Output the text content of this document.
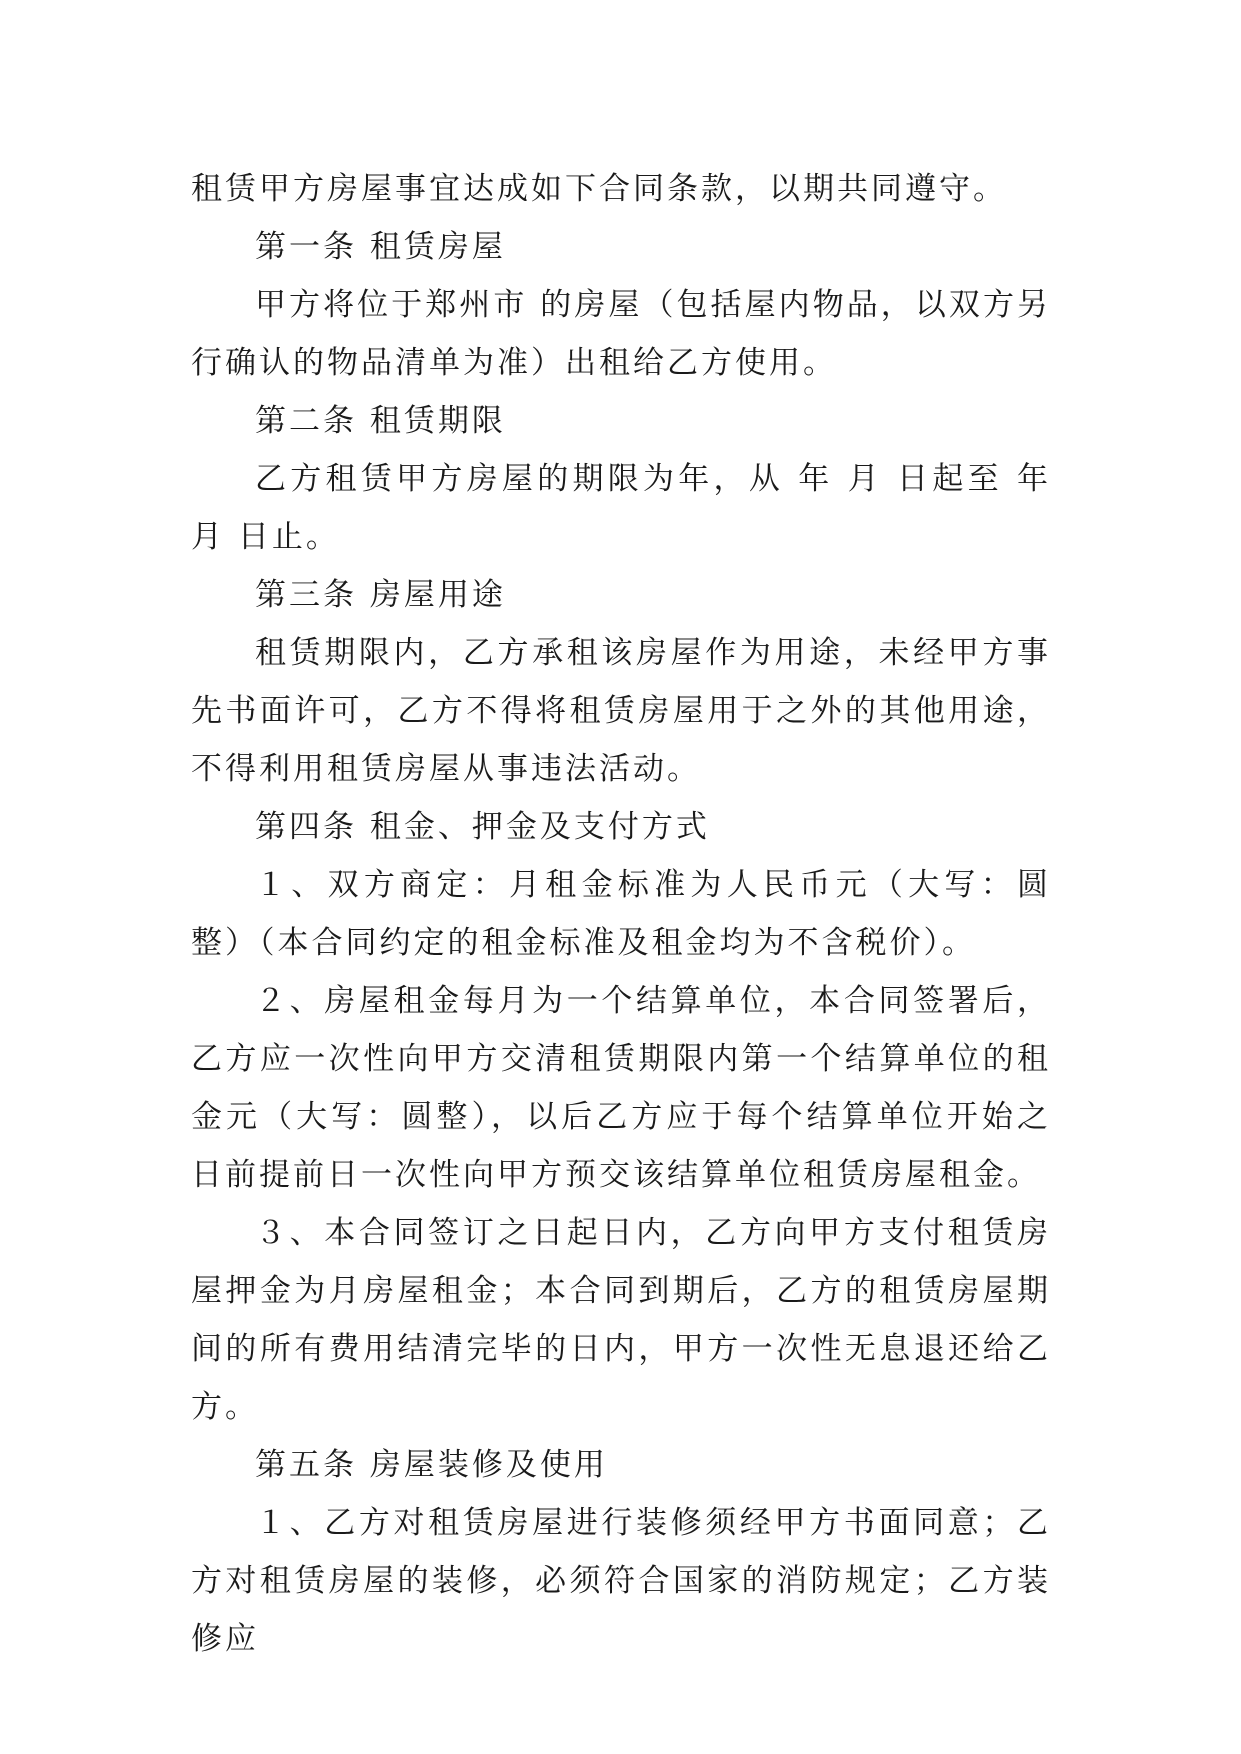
租赁甲方房屋事宜达成如下合同条款，以期共同遵守。

第一条 租赁房屋

甲方将位于郑州市 的房屋（包括屋内物品，以双方另行确认的物品清单为准）出租给乙方使用。

第二条 租赁期限

乙方租赁甲方房屋的期限为年，从 年 月 日起至 年月 日止。

第三条 房屋用途

租赁期限内，乙方承租该房屋作为用途，未经甲方事先书面许可，乙方不得将租赁房屋用于之外的其他用途，不得利用租赁房屋从事违法活动。

第四条 租金、押金及支付方式

１、双方商定：月租金标准为人民币元（大写：圆整）（本合同约定的租金标准及租金均为不含税价）。

２、房屋租金每月为一个结算单位，本合同签署后，乙方应一次性向甲方交清租赁期限内第一个结算单位的租金元（大写：圆整），以后乙方应于每个结算单位开始之日前提前日一次性向甲方预交该结算单位租赁房屋租金。

３、本合同签订之日起日内，乙方向甲方支付租赁房屋押金为月房屋租金；本合同到期后，乙方的租赁房屋期间的所有费用结清完毕的日内，甲方一次性无息退还给乙方。

第五条 房屋装修及使用

１、乙方对租赁房屋进行装修须经甲方书面同意；乙方对租赁房屋的装修，必须符合国家的消防规定；乙方装修应
